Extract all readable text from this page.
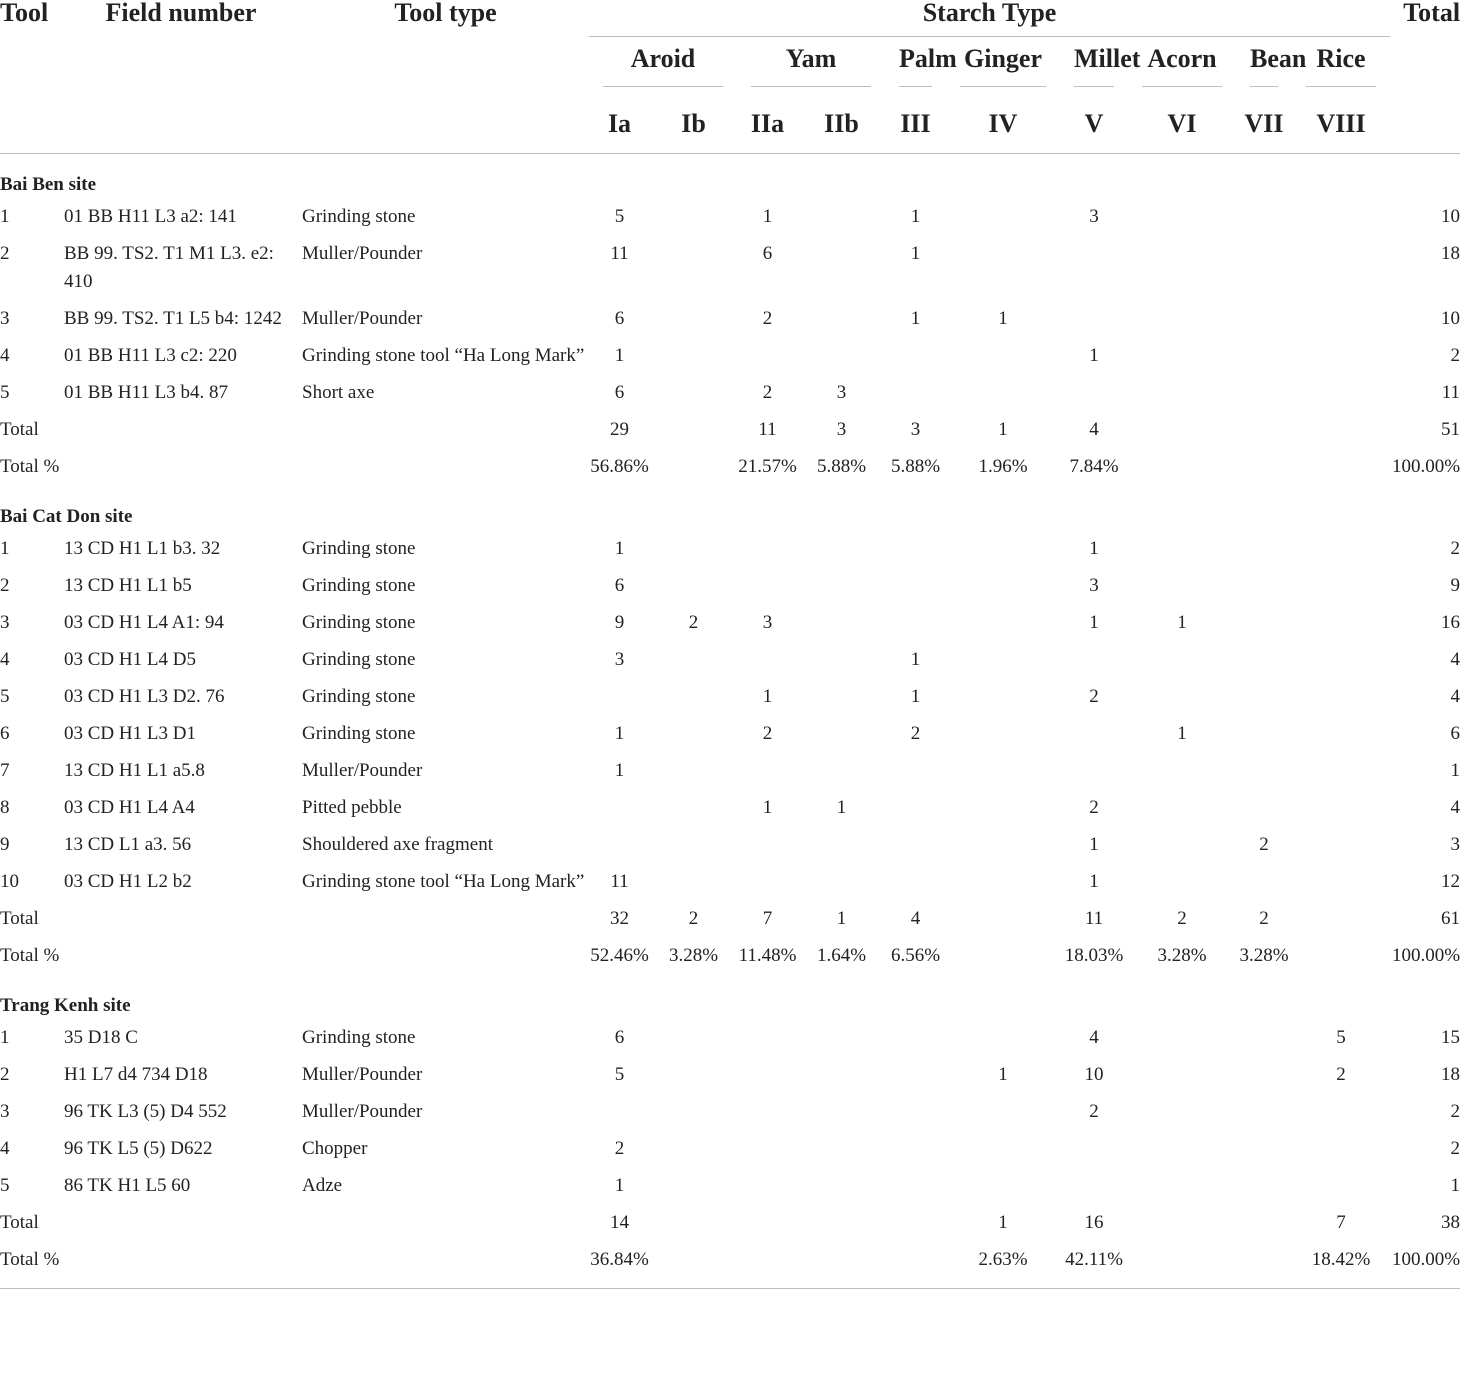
Tool	Field number	Tool type	Starch Type										Total

			Aroid		Yam		Palm	Ginger	Millet	Acorn	Bean	Rice	

			Ia	Ib	IIa	IIb	III	IV	V	VI	VII	VIII	
Bai Ben site													
1	01 BB H11 L3 a2: 141	Grinding stone	5		1		1		3				10
2	BB 99. TS2. T1 M1 L3. e2: 410	Muller/Pounder	11		6		1						18
3	BB 99. TS2. T1 L5 b4: 1242	Muller/Pounder	6		2		1	1					10
4	01 BB H11 L3 c2: 220	Grinding stone tool “Ha Long Mark”	1						1				2
5	01 BB H11 L3 b4. 87	Short axe	6		2	3							11
Total			29		11	3	3	1	4				51
Total %			56.86%		21.57%	5.88%	5.88%	1.96%	7.84%				100.00%
Bai Cat Don site													
1	13 CD H1 L1 b3. 32	Grinding stone	1						1				2
2	13 CD H1 L1 b5	Grinding stone	6						3				9
3	03 CD H1 L4 A1: 94	Grinding stone	9	2	3				1	1			16
4	03 CD H1 L4 D5	Grinding stone	3				1						4
5	03 CD H1 L3 D2. 76	Grinding stone			1		1		2				4
6	03 CD H1 L3 D1	Grinding stone	1		2		2			1			6
7	13 CD H1 L1 a5.8	Muller/Pounder	1										1
8	03 CD H1 L4 A4	Pitted pebble			1	1			2				4
9	13 CD L1 a3. 56	Shouldered axe fragment							1		2		3
10	03 CD H1 L2 b2	Grinding stone tool “Ha Long Mark”	11						1				12
Total			32	2	7	1	4		11	2	2		61
Total %			52.46%	3.28%	11.48%	1.64%	6.56%		18.03%	3.28%	3.28%		100.00%
Trang Kenh site													
1	35 D18 C	Grinding stone	6						4			5	15
2	H1 L7 d4 734 D18	Muller/Pounder	5					1	10			2	18
3	96 TK L3 (5) D4 552	Muller/Pounder							2				2
4	96 TK L5 (5) D622	Chopper	2										2
5	86 TK H1 L5 60	Adze	1										1
Total			14					1	16			7	38
Total %			36.84%					2.63%	42.11%			18.42%	100.00%
